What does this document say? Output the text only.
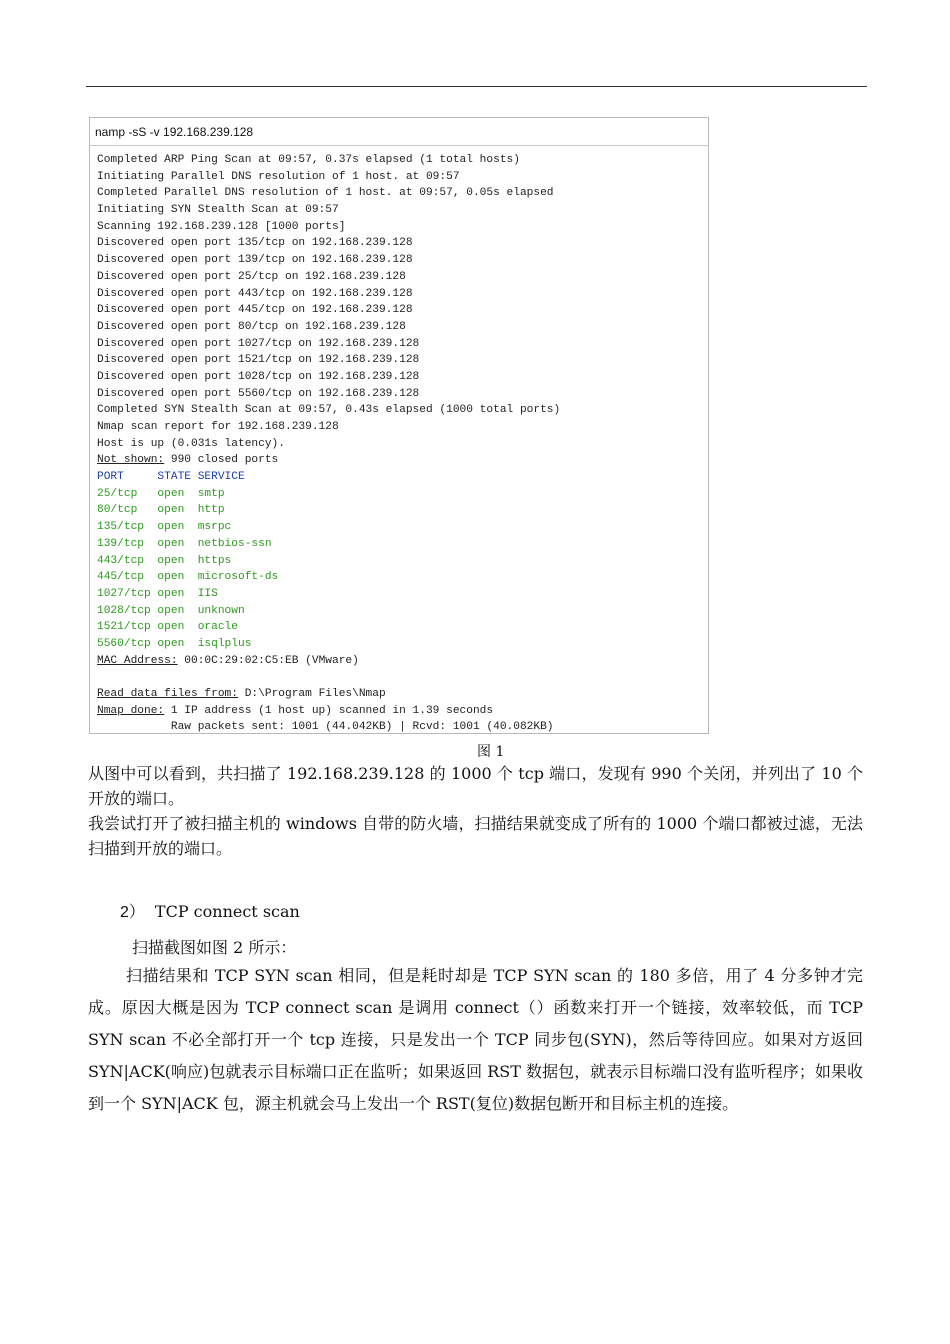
namp -sS -v 192.168.239.128
Completed ARP Ping Scan at 09:57, 0.37s elapsed (1 total hosts)
Initiating Parallel DNS resolution of 1 host. at 09:57
Completed Parallel DNS resolution of 1 host. at 09:57, 0.05s elapsed
Initiating SYN Stealth Scan at 09:57
Scanning 192.168.239.128 [1000 ports]
Discovered open port 135/tcp on 192.168.239.128
Discovered open port 139/tcp on 192.168.239.128
Discovered open port 25/tcp on 192.168.239.128
Discovered open port 443/tcp on 192.168.239.128
Discovered open port 445/tcp on 192.168.239.128
Discovered open port 80/tcp on 192.168.239.128
Discovered open port 1027/tcp on 192.168.239.128
Discovered open port 1521/tcp on 192.168.239.128
Discovered open port 1028/tcp on 192.168.239.128
Discovered open port 5560/tcp on 192.168.239.128
Completed SYN Stealth Scan at 09:57, 0.43s elapsed (1000 total ports)
Nmap scan report for 192.168.239.128
Host is up (0.031s latency).
Not shown: 990 closed ports
PORT     STATE SERVICE
25/tcp   open  smtp
80/tcp   open  http
135/tcp  open  msrpc
139/tcp  open  netbios-ssn
443/tcp  open  https
445/tcp  open  microsoft-ds
1027/tcp open  IIS
1028/tcp open  unknown
1521/tcp open  oracle
5560/tcp open  isqlplus
MAC Address: 00:0C:29:02:C5:EB (VMware)
Read data files from: D:\Program Files\Nmap
Nmap done: 1 IP address (1 host up) scanned in 1.39 seconds
Raw packets sent: 1001 (44.042KB) | Rcvd: 1001 (40.082KB)
图 1
从图中可以看到，共扫描了 192.168.239.128 的 1000 个 tcp 端口，发现有 990 个关闭，并列出了 10 个开放的端口。
我尝试打开了被扫描主机的 windows 自带的防火墙，扫描结果就变成了所有的 1000 个端口都被过滤，无法扫描到开放的端口。
2） TCP connect scan
扫描截图如图 2 所示：
扫描结果和 TCP SYN scan 相同，但是耗时却是 TCP SYN scan 的 180 多倍，用了 4 分多钟才完成。原因大概是因为 TCP connect scan 是调用 connect（）函数来打开一个链接，效率较低，而 TCP SYN scan 不必全部打开一个 tcp 连接，只是发出一个 TCP 同步包(SYN)，然后等待回应。如果对方返回 SYN|ACK(响应)包就表示目标端口正在监听；如果返回 RST 数据包，就表示目标端口没有监听程序；如果收到一个 SYN|ACK 包，源主机就会马上发出一个 RST(复位)数据包断开和目标主机的连接。
